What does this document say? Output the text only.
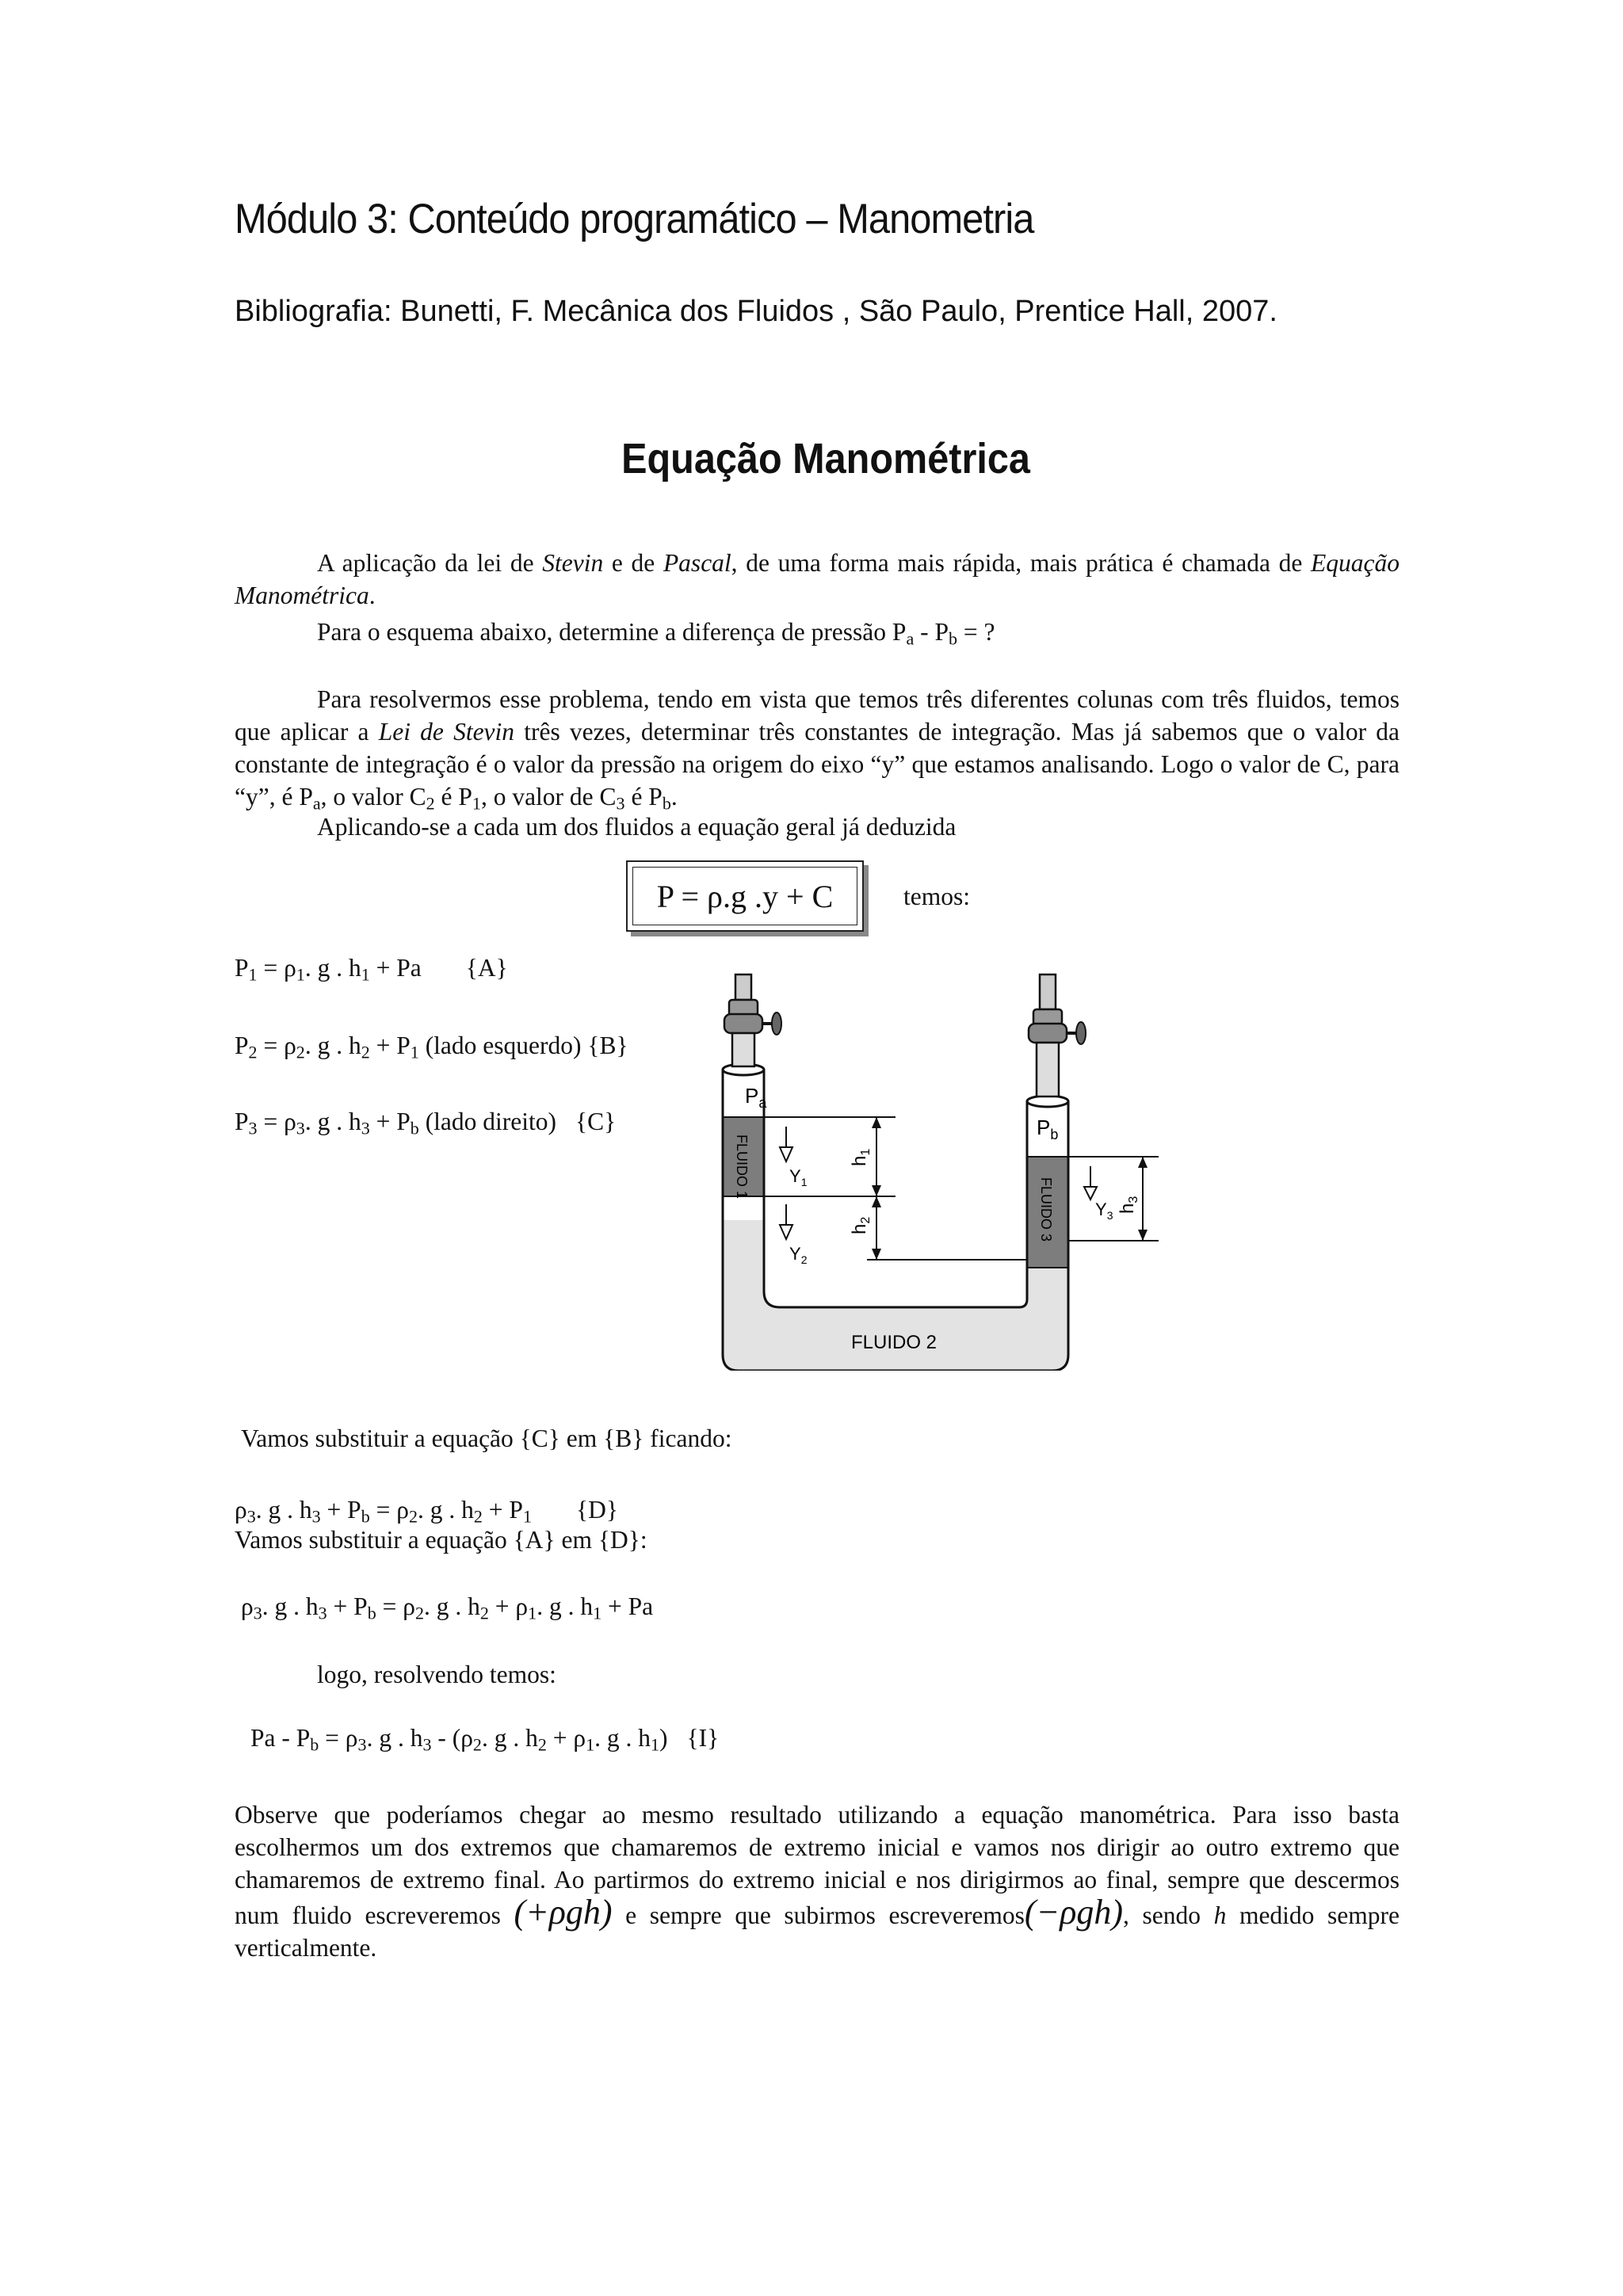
Módulo 3: Conteúdo programático – Manometria
Bibliografia: Bunetti, F. Mecânica dos Fluidos , São Paulo, Prentice Hall, 2007.
Equação Manométrica
A aplicação da lei de Stevin e de Pascal, de uma forma mais rápida, mais prática é chamada de Equação Manométrica.
Para o esquema abaixo, determine a diferença de pressão $P_a - P_b$ = ?
Para resolvermos esse problema, tendo em vista que temos três diferentes colunas com três fluidos, temos que aplicar a Lei de Stevin três vezes, determinar três constantes de integração. Mas já sabemos que o valor da constante de integração é o valor da pressão na origem do eixo “y” que estamos analisando. Logo o valor de C, para “y”, é $P_a$, o valor $C_2$ é $P_1$, o valor de $C_3$ é $P_b$.
Aplicando-se a cada um dos fluidos a equação geral já deduzida
P = ρ.g .y + C	temos:
$P_1 = \rho_1$. g . $h_1 + Pa$ {A}
$P_2 = \rho_2$. g . $h_2 + P_1$ (lado esquerdo) {B}
$P_3 = \rho_3$. g . $h_3 + P_b$ (lado direito) {C}
$P_a$
$P_b$
FLUIDO 1
FLUIDO 3
FLUIDO 2
$h_1$
$h_2$
$Y_1$
$Y_2$
$h_3$
$Y_3$
Vamos substituir a equação {C} em {B} ficando:
$\rho_3$. g . $h_3 + P_b = \rho_2$. g . $h_2 + P_1$ {D}
Vamos substituir a equação {A} em {D}:
$\rho_3$. g . $h_3 + P_b = \rho_2$. g . $h_2 + \rho_1$. g . $h_1 + Pa$
logo, resolvendo temos:
$Pa - P_b = \rho_3$. g . $h_3 - (\rho_2$. g . $h_2 + \rho_1$. g . $h_1$) {I}
Observe que poderíamos chegar ao mesmo resultado utilizando a equação manométrica. Para isso basta escolhermos um dos extremos que chamaremos de extremo inicial e vamos nos dirigir ao outro extremo que chamaremos de extremo final. Ao partirmos do extremo inicial e nos dirigirmos ao final, sempre que descermos num fluido escreveremos (+ρgh) e sempre que subirmos escreveremos(−ρgh), sendo h medido sempre verticalmente.
